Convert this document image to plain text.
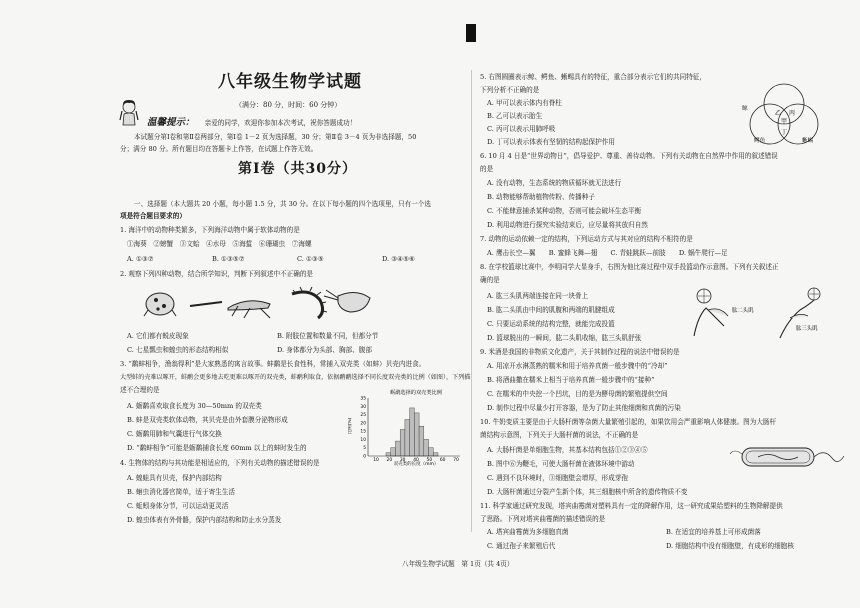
八年级生物学试题
（满分：80 分，时间：60 分钟）
温馨提示： 亲爱的同学，欢迎你参加本次考试，祝你答题成功！
本试题分第Ⅰ卷和第Ⅱ卷两部分，第Ⅰ卷 1－2 页为选择题，30 分；第Ⅱ卷 3－4 页为非选择题，50
分；满分 80 分。所有题目均在答题卡上作答，在试题上作答无效。
第Ⅰ卷（共30分）
一、选择题（本大题共 20 小题，每小题 1.5 分，共 30 分。在以下每小题的四个选项里，只有一个选
项是符合题目要求的）
1. 海洋中的动物种类繁多，下列海洋动物中属于软体动物的是
①海葵　②螃蟹　③文蛤　④水母　⑤海蜇　⑥珊瑚虫　⑦海螺
A. ①③⑦	B. ①③⑤⑦	C. ①③⑤	D. ③④⑤⑥
2. 观察下列四种动物，结合所学知识，判断下列叙述中不正确的是
A. 它们都有蜕皮现象	B. 附肢位置和数量不同，但都分节
C. 七星瓢虫和蝗虫的形态结构相似	D. 身体都分为头部、胸部、腹部
3. “鹬蚌相争，渔翁得利”是大家熟悉的寓言故事。蚌鹬是长食性科，常捕入双壳类（如蚌）贝壳内进食。
大型蚌的壳难以啄开，蚌鹬会更多地去吃更难以啄开的双壳类，蚌鹬利取食，依据鹬鹬选择不同长度双壳类的比例（如图），下列描
述不合理的是
A. 蛎鹬喜欢取食长度为 30—50mm 的双壳类
B. 蚌是双壳类软体动物，其贝壳是由外套膜分泌物形成
C. 蛎鹬用肺和气囊进行气体交换
D. “鹬蚌相争”可能是蛎鹬捕食长度 60mm 以上的蚌时发生的
蛎鹬选择的双壳类比例
比例(%)
35
30
25
20
15
10
5
0
10 20 30 40 50 60 70
双壳类的长度（mm）
4. 生物体的结构与其功能是相适应的，下列有关动物的描述错误的是
A. 蝗蛙具有贝壳，保护内部结构
B. 蛔虫消化器官简单，适于寄生生活
C. 蚯蚓身体分节，可以运动更灵活
D. 蝗虫体表有外骨骼，保护内部结构和防止水分蒸发
5. 右图圆圈表示鲸、鳄鱼、蜥蜴具有的特征，重合部分表示它们的共同特征，
下列分析不正确的是
A. 甲可以表示体内有脊柱
B. 乙可以表示胎生
C. 丙可以表示用肺呼吸
D. 丁可以表示体表有坚韧的结构起保护作用
乙
甲
丙
丁
鲸
鳄鱼	蜥蜴
6. 10 月 4 日是“世界动物日”，倡导爱护、尊重、善待动物。下列有关动物在自然界中作用的叙述错误
的是
A. 没有动物，生态系统的物质循环就无法进行
B. 动物能够帮助植物传粉、传播种子
C. 不能肆意捕杀某种动物，否则可能会破坏生态平衡
D. 利用动物进行探究实验结束后，应尽量将其放归自然
7. 动物的运动依赖一定的结构，下列运动方式与其对应的结构不相符的是
A. 鹰击长空—翼　　B. 蜜蜂飞舞—翅　　C. 青蛙跳跃—前肢　　D. 蜗牛爬行—足
8. 在学校篮球比赛中，李明同学大显身手，右图为他比赛过程中双手投篮动作示意图。下列有关叙述正
确的是
A. 肱三头肌两端连接在同一块骨上
B. 肱二头肌由中间的肌腹和两端的肌腱组成
C. 只要运动系统的结构完整，就能完成投篮
D. 篮球脱出的一瞬间，肱二头肌收缩，肱三头肌舒张
肱二头肌
肱三头肌
9. 米酒是我国的非物质文化遗产，关于其制作过程的说法中错误的是
A. 用凉开水淋蒸熟的糯米和用于培养真菌一般步骤中的“冷却”
B. 将酒曲撒在糯米上相当于培养真菌一般步骤中的“接种”
C. 在糯米的中央挖一个凹坑，目的是为酵母菌的繁殖提供空间
D. 制作过程中尽量少打开容器，是为了防止其他细菌和真菌的污染
10. 牛奶变质主要是由于大肠杆菌等杂菌大量繁殖引起的，如果饮用会严重影响人体健康。图为大肠杆
菌结构示意图，下列关于大肠杆菌的说法，不正确的是
A. 大肠杆菌是单细胞生物，其基本结构包括①②③④⑤
B. 图中⑥为鞭毛，可使大肠杆菌在液体环境中游动
C. 遇到不良环境时，③细胞壁会增厚，形成芽孢
D. 大肠杆菌通过分裂产生新个体，其三细胞核中所含的遗传物质不变
11. 科学家通过研究发现，塔宾曲霉菌对塑料具有一定的降解作用，这一研究成果给塑料的生物降解提供
了思路。下列对塔宾曲霉菌的描述错误的是
A. 塔宾曲霉菌为多细胞真菌	B. 在适宜的培养基上可形成菌落
C. 通过孢子来繁殖后代	D. 细胞结构中没有细胞壁，有成形的细胞核
八年级生物学试题　第 1页（共 4页）
